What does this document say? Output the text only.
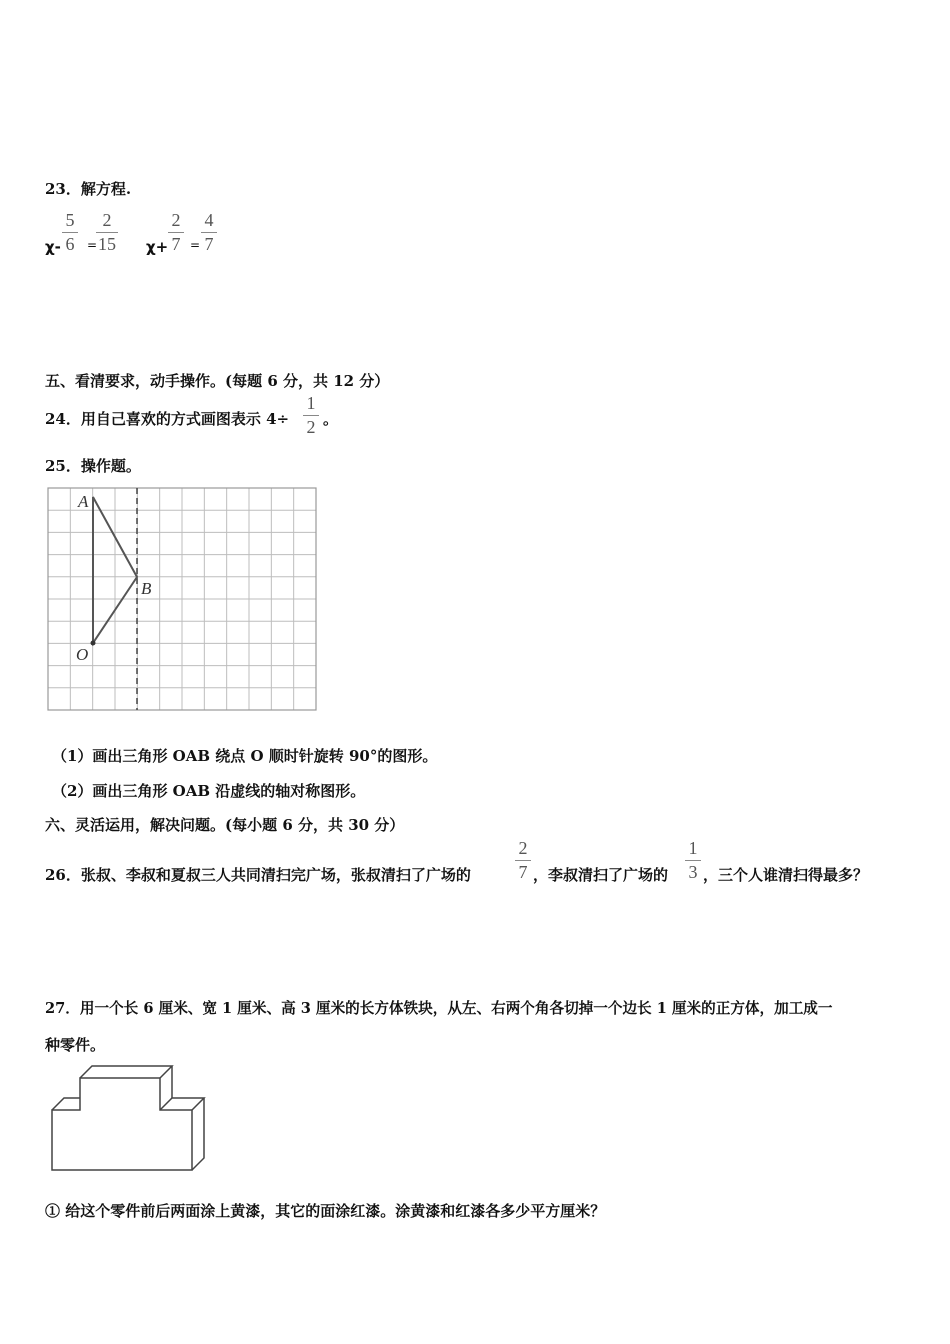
23．解方程.
χ-
5
6 =
2
15 χ+
2
7 =
4
7
五、看清要求，动手操作。(每题 6 分，共 12 分）
24．用自己喜欢的方式画图表示 4÷
1
2 。
25．操作题。
A
B
O
（1）画出三角形 OAB 绕点 O 顺时针旋转 90°的图形。
（2）画出三角形 OAB 沿虚线的轴对称图形。
六、灵活运用，解决问题。(每小题 6 分，共 30 分）
26．张叔、李叔和夏叔三人共同清扫完广场，张叔清扫了广场的
2
7 ，李叔清扫了广场的
1
3 ，三个人谁清扫得最多？
27．用一个长 6 厘米、宽 1 厘米、高 3 厘米的长方体铁块，从左、右两个角各切掉一个边长 1 厘米的正方体，加工成一
种零件。
① 给这个零件前后两面涂上黄漆，其它的面涂红漆。涂黄漆和红漆各多少平方厘米？
